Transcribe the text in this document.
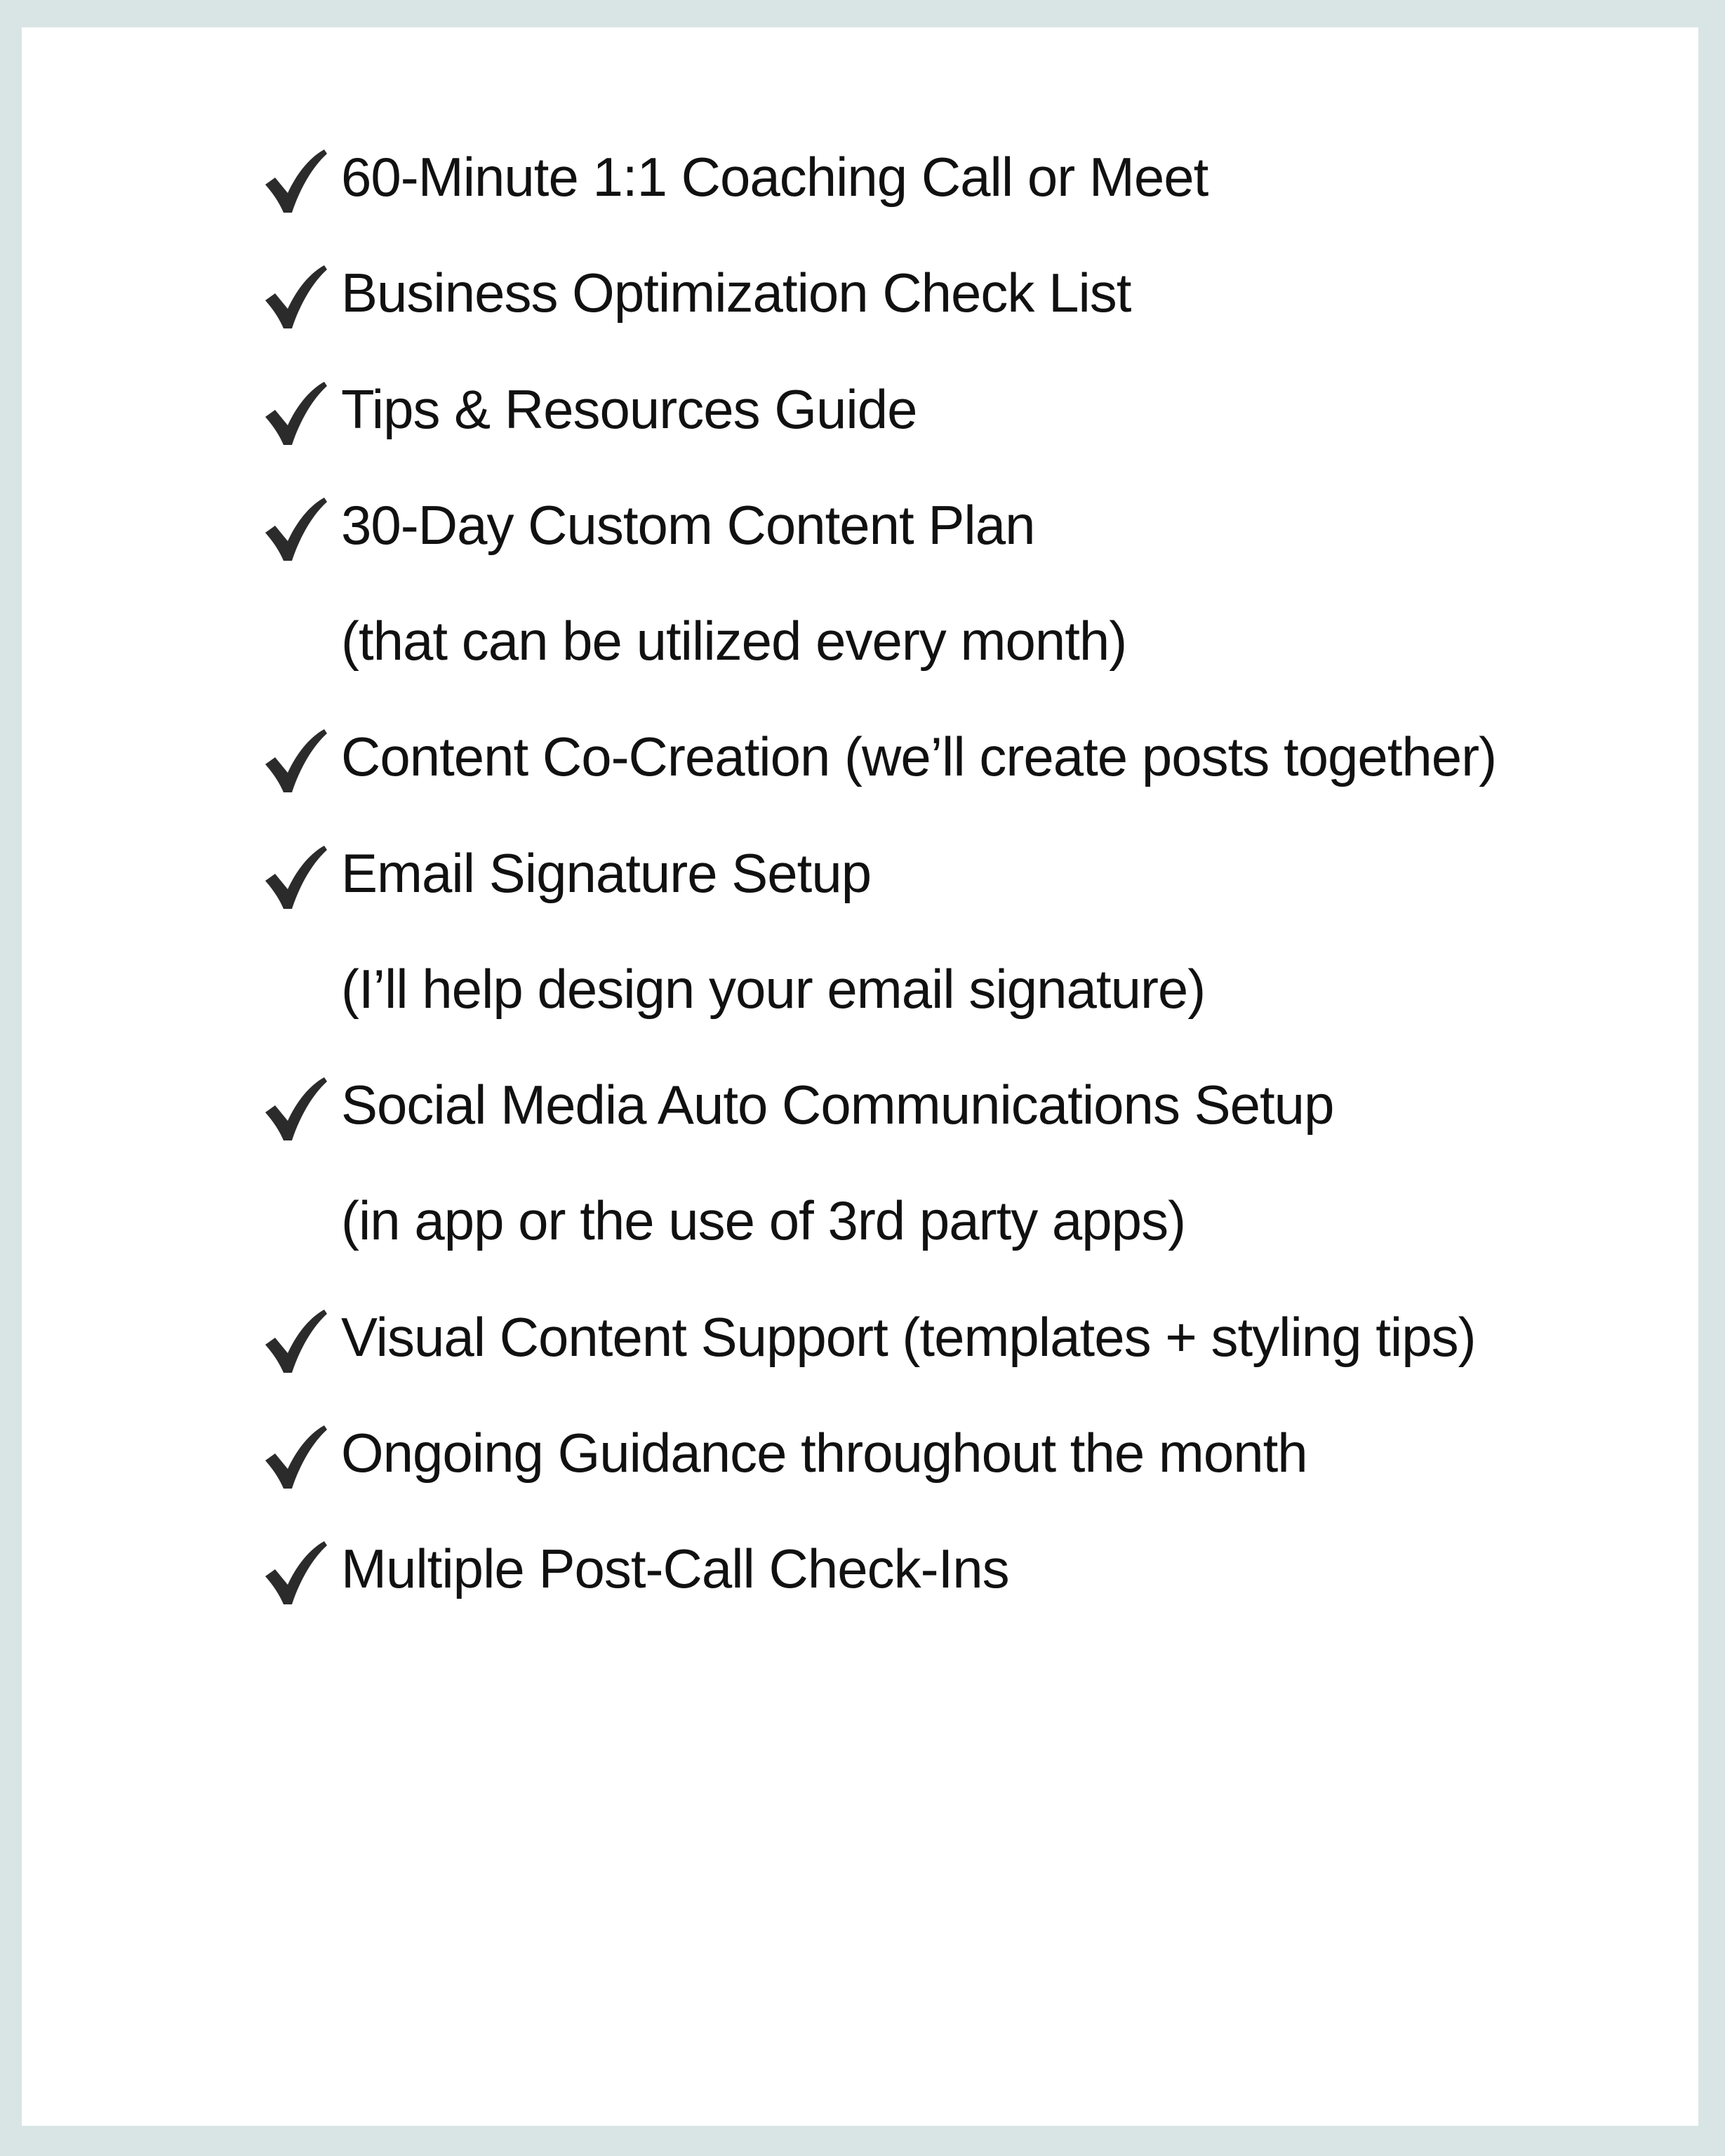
60-Minute 1:1 Coaching Call or Meet
Business Optimization Check List
Tips & Resources Guide
30-Day Custom Content Plan
(that can be utilized every month)
Content Co-Creation (we’ll create posts together)
Email Signature Setup
(I’ll help design your email signature)
Social Media Auto Communications Setup
(in app or the use of 3rd party apps)
Visual Content Support (templates + styling tips)
Ongoing Guidance throughout the month
Multiple Post-Call Check-Ins
